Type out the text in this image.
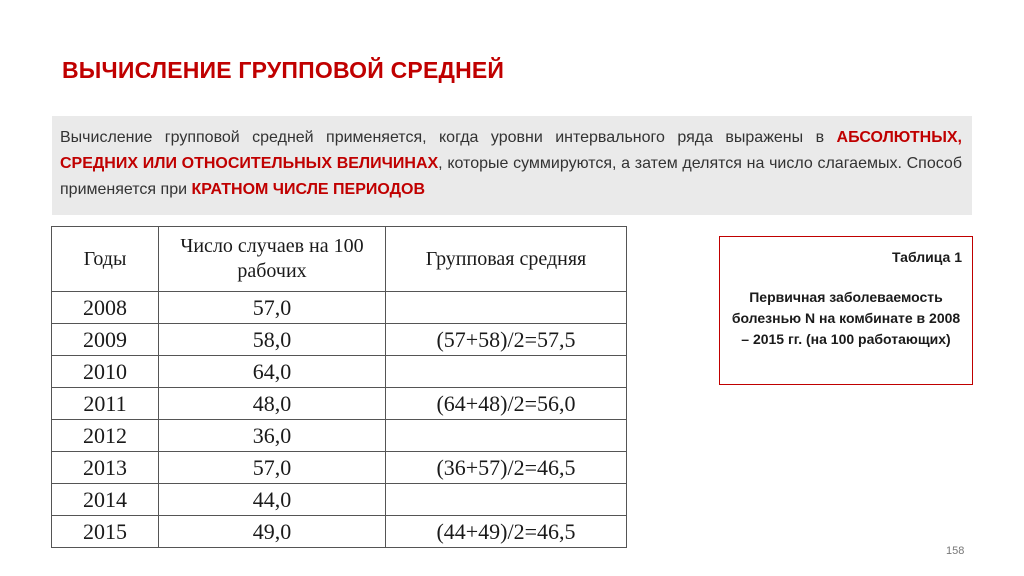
ВЫЧИСЛЕНИЕ ГРУППОВОЙ СРЕДНЕЙ
Вычисление групповой средней применяется, когда уровни интервального ряда выражены в АБСОЛЮТНЫХ, СРЕДНИХ ИЛИ ОТНОСИТЕЛЬНЫХ ВЕЛИЧИНАХ, которые суммируются, а затем делятся на число слагаемых. Способ применяется при КРАТНОМ ЧИСЛЕ ПЕРИОДОВ
Годы	Число случаев на 100 рабочих	Групповая средняя
2008	57,0	
2009	58,0	(57+58)/2=57,5
2010	64,0	
2011	48,0	(64+48)/2=56,0
2012	36,0	
2013	57,0	(36+57)/2=46,5
2014	44,0	
2015	49,0	(44+49)/2=46,5
Таблица 1
Первичная заболеваемость болезнью N на комбинате в 2008 – 2015 гг. (на 100 работающих)
158
